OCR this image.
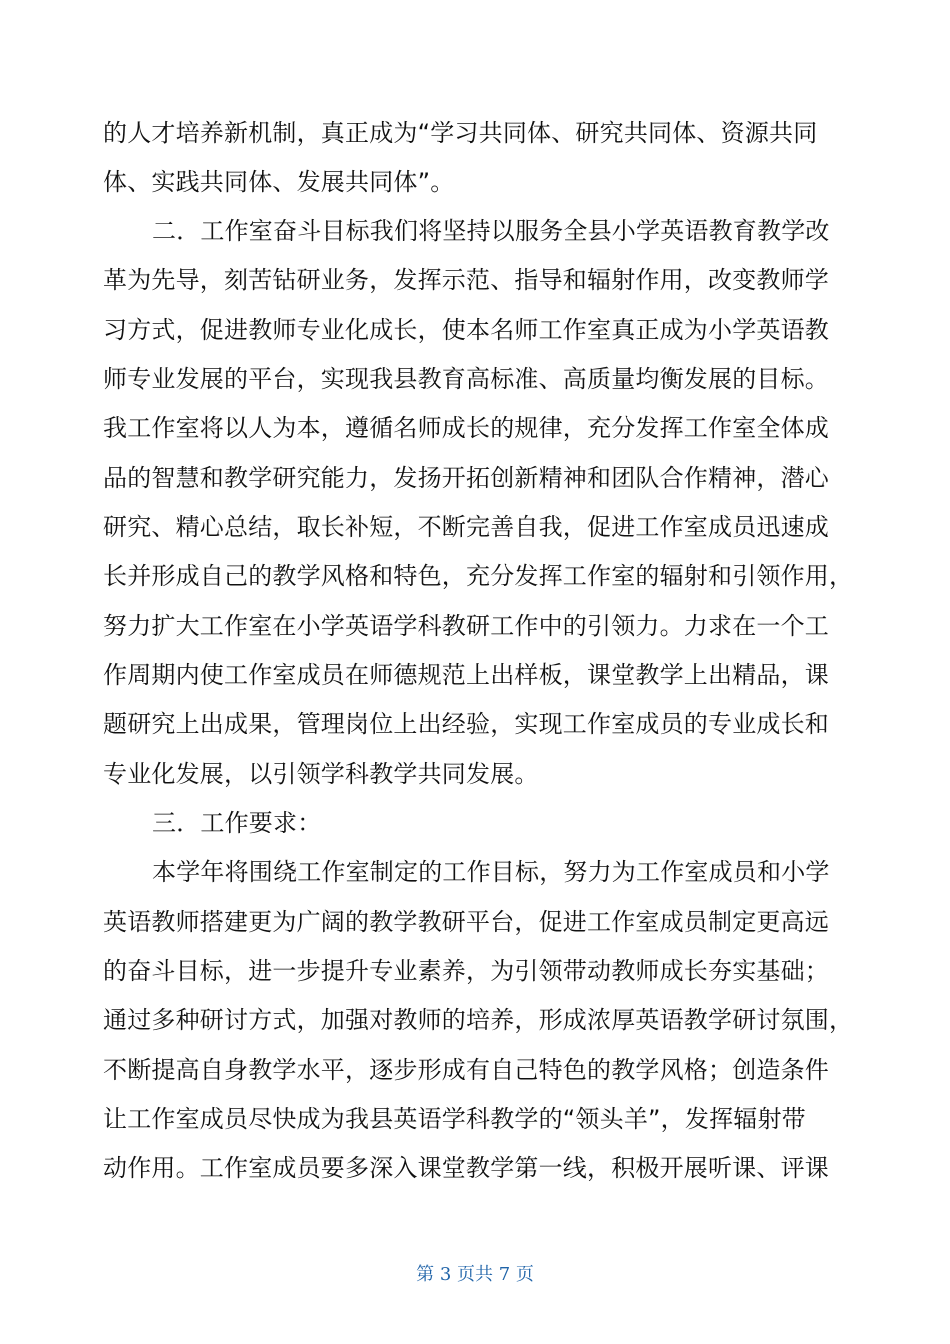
的人才培养新机制，真正成为“学习共同体、研究共同体、资源共同
体、实践共同体、发展共同体”。
二．工作室奋斗目标我们将坚持以服务全县小学英语教育教学改
革为先导，刻苦钻研业务，发挥示范、指导和辐射作用，改变教师学
习方式，促进教师专业化成长，使本名师工作室真正成为小学英语教
师专业发展的平台，实现我县教育高标准、高质量均衡发展的目标。
我工作室将以人为本，遵循名师成长的规律，充分发挥工作室全体成
品的智慧和教学研究能力，发扬开拓创新精神和团队合作精神，潜心
研究、精心总结，取长补短，不断完善自我，促进工作室成员迅速成
长并形成自己的教学风格和特色，充分发挥工作室的辐射和引领作用，
努力扩大工作室在小学英语学科教研工作中的引领力。力求在一个工
作周期内使工作室成员在师德规范上出样板，课堂教学上出精品，课
题研究上出成果，管理岗位上出经验，实现工作室成员的专业成长和
专业化发展，以引领学科教学共同发展。
三．工作要求：
本学年将围绕工作室制定的工作目标，努力为工作室成员和小学
英语教师搭建更为广阔的教学教研平台，促进工作室成员制定更高远
的奋斗目标，进一步提升专业素养，为引领带动教师成长夯实基础；
通过多种研讨方式，加强对教师的培养，形成浓厚英语教学研讨氛围，
不断提高自身教学水平，逐步形成有自己特色的教学风格；创造条件
让工作室成员尽快成为我县英语学科教学的“领头羊”，发挥辐射带
动作用。工作室成员要多深入课堂教学第一线，积极开展听课、评课
第 3 页共 7 页
